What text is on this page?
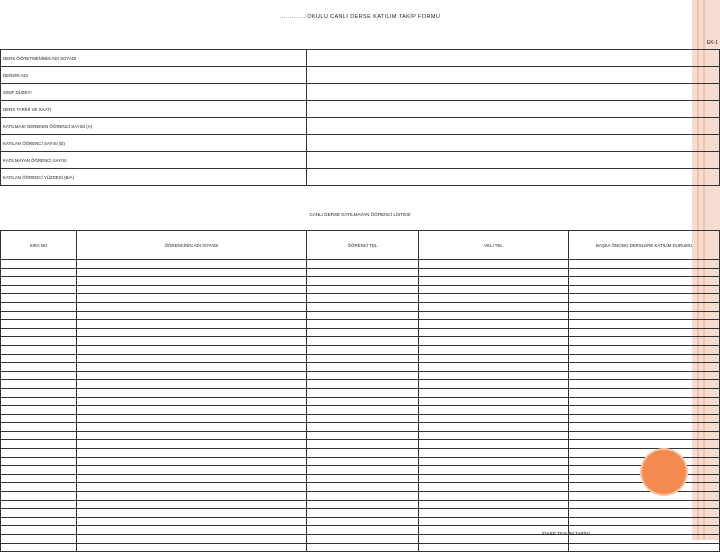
…………..OKULU CANLI DERSE KATILIM TAKİP FORMU
EK-1
DERS ÖĞRETMENİNİN ADI SOYADI	
DERSİN ADI	
SINIF DÜZEYİ	
DERS TARİHİ VE SAATİ	
KATILMASI GEREKEN ÖĞRENCİ SAYISI (A)	
KATILAN ÖĞRENCİ SAYISI (B)	
KATILMAYAN ÖĞRENCİ SAYISI	
KATILAN ÖĞRENCİ YÜZDESİ (B/A)	
CANLI DERSE KATILMAYAN ÖĞRENCİ LİSTESİ
SIRA NO	ÖĞRENCİNİN ADI SOYADI	ÖĞRENCİ TEL	VELİ TEL	BAŞKA ÖNCEKİ DERSLERE KATILIM DURUMU

İDARE TESLİM TARİHİ
